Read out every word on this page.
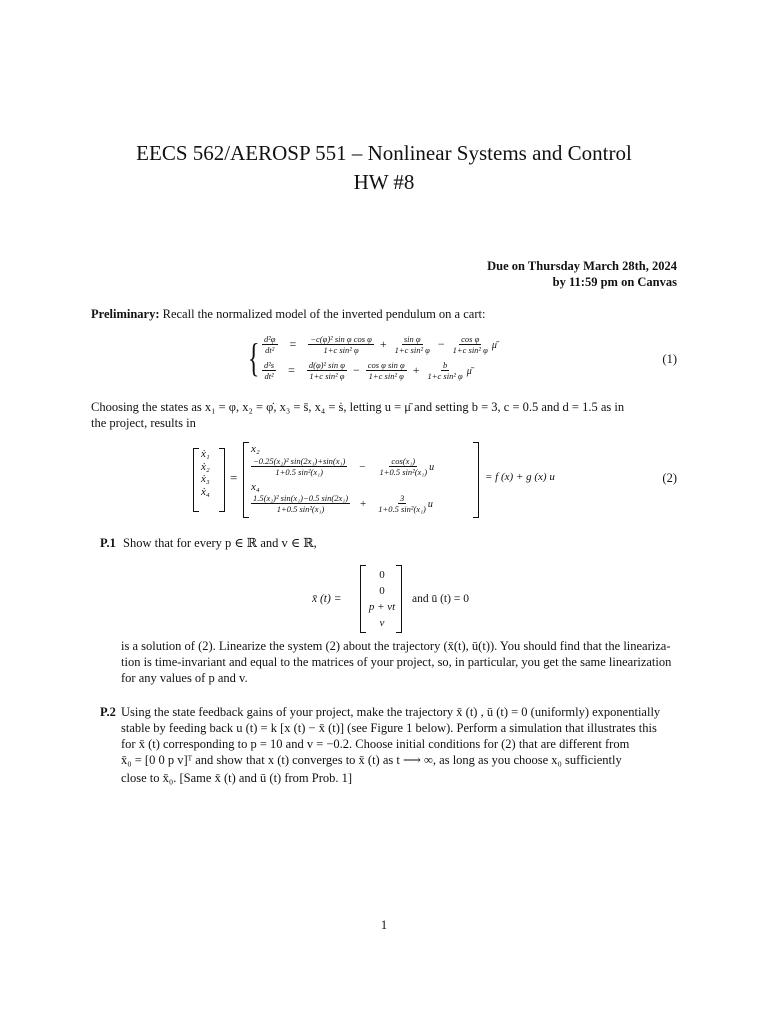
EECS 562/AEROSP 551 – Nonlinear Systems and Control
HW #8
Due on Thursday March 28th, 2024
by 11:59 pm on Canvas
Preliminary: Recall the normalized model of the inverted pendulum on a cart:
{ $\frac{\text{d²φ}}{\text{dt²}} = \frac{\text{−c(φ̇)² sin φ cos φ}}{\text{1+c sin² φ}} + \frac{\text{sin φ}}{\text{1+c sin² φ}} - \frac{\text{cos φ}}{\text{1+c sin² φ}}$ μ̄
$\frac{\text{d²s}}{\text{dt²}} = \frac{\text{d(φ̇)² sin φ}}{\text{1+c sin² φ}} - \frac{\text{cos φ sin φ}}{\text{1+c sin² φ}} + \frac{b}{\text{1+c sin² φ}}$ μ̄
(1)
Choosing the states as x₁ = φ, x₂ = φ̇, x₃ = s̄, x₄ = ṡ, letting u = μ̄ and setting b = 3, c = 0.5 and d = 1.5 as in
the project, results in
ẋ₁
ẋ₂
ẋ₃
ẋ₄
=
x₂
$\frac{\text{−0.25(x₂)² sin(2x₁)+sin(x₁)}}{\text{1+0.5 sin²(x₁)}} - \frac{\text{cos(x₁)}}{\text{1+0.5 sin²(x₁)}}$ u
x₄
$\frac{\text{1.5(x₂)² sin(x₁)−0.5 sin(2x₁)}}{\text{1+0.5 sin²(x₁)}} + \frac{3}{\text{1+0.5 sin²(x₁)}}$ u
= f (x) + g (x) u	(2)
P.1 Show that for every p ∈ ℝ and v ∈ ℝ,
x̄ (t) =
0
0
p + vt
v
and ū (t) = 0
is a solution of (2). Linearize the system (2) about the trajectory (x̄(t), ū(t)). You should find that the lineariza-
tion is time-invariant and equal to the matrices of your project, so, in particular, you get the same linearization
for any values of p and v.
P.2 Using the state feedback gains of your project, make the trajectory x̄ (t) , ū (t) = 0 (uniformly) exponentially
stable by feeding back u (t) = k [x (t) − x̄ (t)] (see Figure 1 below). Perform a simulation that illustrates this
for x̄ (t) corresponding to p = 10 and v = −0.2. Choose initial conditions for (2) that are different from
x̄₀ = [0 0 p v]ᵀ and show that x (t) converges to x̄ (t) as t ⟶ ∞, as long as you choose x₀ sufficiently
close to x̄₀. [Same x̄ (t) and ū (t) from Prob. 1]
1
